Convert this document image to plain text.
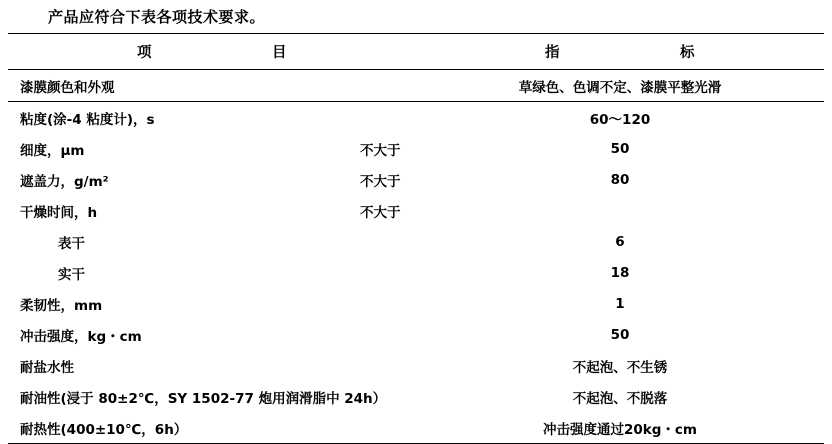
产品应符合下表各项技术要求。
项 目	指 标

漆膜颜色和外观	草绿色、色调不定、漆膜平整光滑

粘度(涂-4 粘度计)，s	60～120

细度，μm 不大于	50

遮盖力，g/m² 不大于	80

干燥时间，h 不大于	

表干	6

实干	18

柔韧性，mm	1

冲击强度，kg・cm	50

耐盐水性	不起泡、不生锈

耐油性(浸于 80±2℃，SY 1502-77 炮用润滑脂中 24h）	不起泡、不脱落

耐热性(400±10℃，6h）	冲击强度通过20kg・cm
